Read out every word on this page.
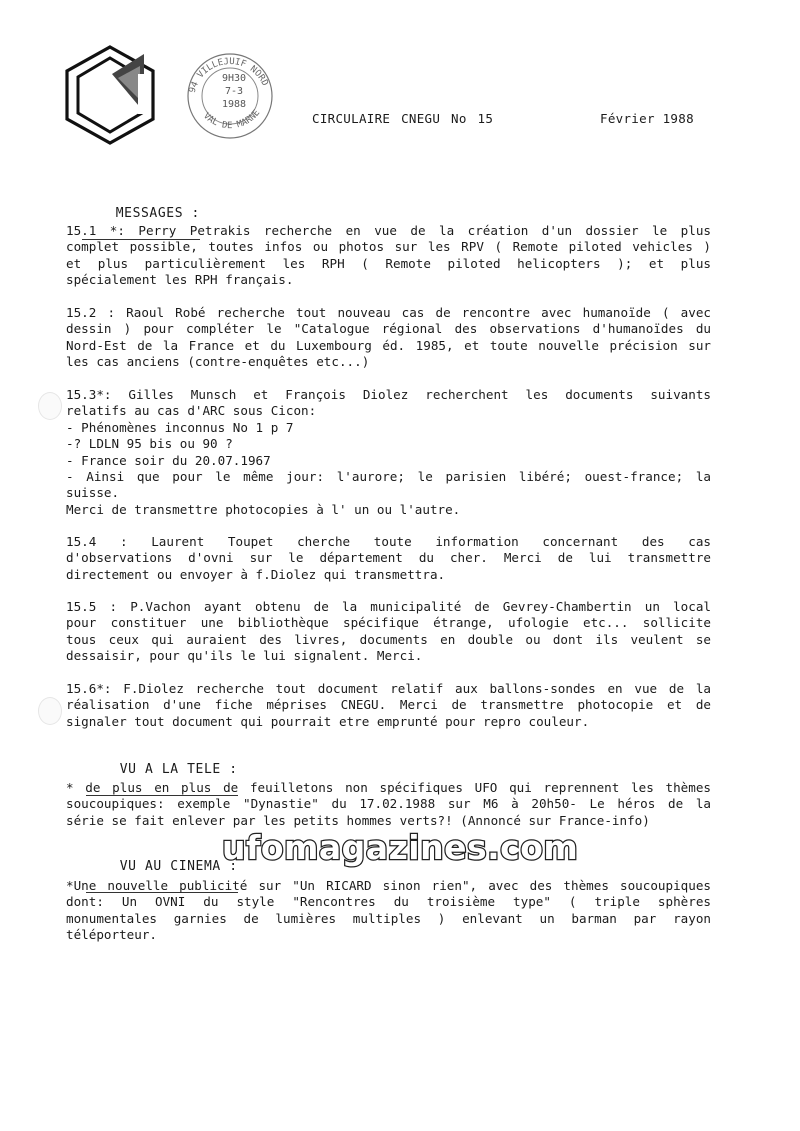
94 VILLEJUIF NORD
VAL DE MARNE
9H30
7-3
1988
CIRCULAIRE CNEGU No 15	Février 1988

MESSAGES :

15.1 *: Perry Petrakis recherche en vue de la création d'un dossier le plus
complet possible, toutes infos ou photos sur les RPV ( Remote piloted vehicles )
et plus particulièrement les RPH ( Remote piloted helicopters ); et plus
spécialement les RPH français.
15.2 : Raoul Robé recherche tout nouveau cas de rencontre avec humanoïde ( avec
dessin ) pour compléter le "Catalogue régional des observations d'humanoïdes du
Nord-Est de la France et du Luxembourg éd. 1985, et toute nouvelle précision sur
les cas anciens (contre-enquêtes etc...)
15.3*: Gilles Munsch et François Diolez recherchent les documents suivants
relatifs au cas d'ARC sous Cicon:
- Phénomènes inconnus No 1 p 7
-? LDLN 95 bis ou 90 ?
- France soir du 20.07.1967
- Ainsi que pour le même jour: l'aurore; le parisien libéré; ouest-france; la
suisse.
Merci de transmettre photocopies à l' un ou l'autre.
15.4 : Laurent Toupet cherche toute information concernant des cas
d'observations d'ovni sur le département du cher. Merci de lui transmettre
directement ou envoyer à f.Diolez qui transmettra.
15.5 : P.Vachon ayant obtenu de la municipalité de Gevrey-Chambertin un local
pour constituer une bibliothèque spécifique étrange, ufologie etc... sollicite
tous ceux qui auraient des livres, documents en double ou dont ils veulent se
dessaisir, pour qu'ils le lui signalent. Merci.
15.6*: F.Diolez recherche tout document relatif aux ballons-sondes en vue de la
réalisation d'une fiche méprises CNEGU. Merci de transmettre photocopie et de
signaler tout document qui pourrait etre emprunté pour repro couleur.

VU A LA TELE :

* de plus en plus de feuilletons non spécifiques UFO qui reprennent les thèmes
soucoupiques: exemple "Dynastie" du 17.02.1988 sur M6 à 20h50- Le héros de la
série se fait enlever par les petits hommes verts?! (Annoncé sur France-info)

VU AU CINEMA :

ufomagazines.com
*Une nouvelle publicité sur "Un RICARD sinon rien", avec des thèmes soucoupiques
dont: Un OVNI du style "Rencontres du troisième type" ( triple sphères
monumentales garnies de lumières multiples ) enlevant un barman par rayon
téléporteur.
